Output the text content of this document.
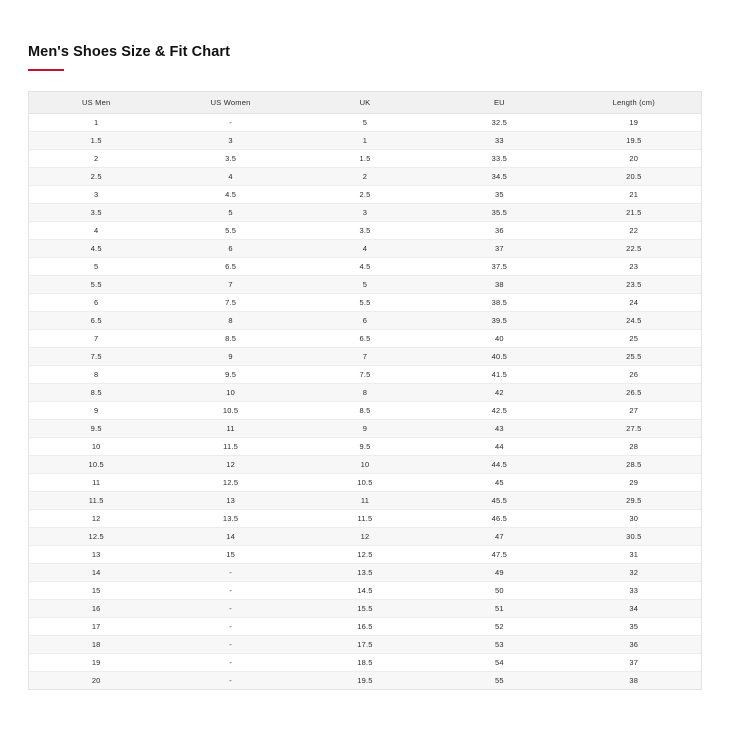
Men's Shoes Size & Fit Chart
US Men	US Women	UK	EU	Length (cm)
1	-	5	32.5	19
1.5	3	1	33	19.5
2	3.5	1.5	33.5	20
2.5	4	2	34.5	20.5
3	4.5	2.5	35	21
3.5	5	3	35.5	21.5
4	5.5	3.5	36	22
4.5	6	4	37	22.5
5	6.5	4.5	37.5	23
5.5	7	5	38	23.5
6	7.5	5.5	38.5	24
6.5	8	6	39.5	24.5
7	8.5	6.5	40	25
7.5	9	7	40.5	25.5
8	9.5	7.5	41.5	26
8.5	10	8	42	26.5
9	10.5	8.5	42.5	27
9.5	11	9	43	27.5
10	11.5	9.5	44	28
10.5	12	10	44.5	28.5
11	12.5	10.5	45	29
11.5	13	11	45.5	29.5
12	13.5	11.5	46.5	30
12.5	14	12	47	30.5
13	15	12.5	47.5	31
14	-	13.5	49	32
15	-	14.5	50	33
16	-	15.5	51	34
17	-	16.5	52	35
18	-	17.5	53	36
19	-	18.5	54	37
20	-	19.5	55	38
